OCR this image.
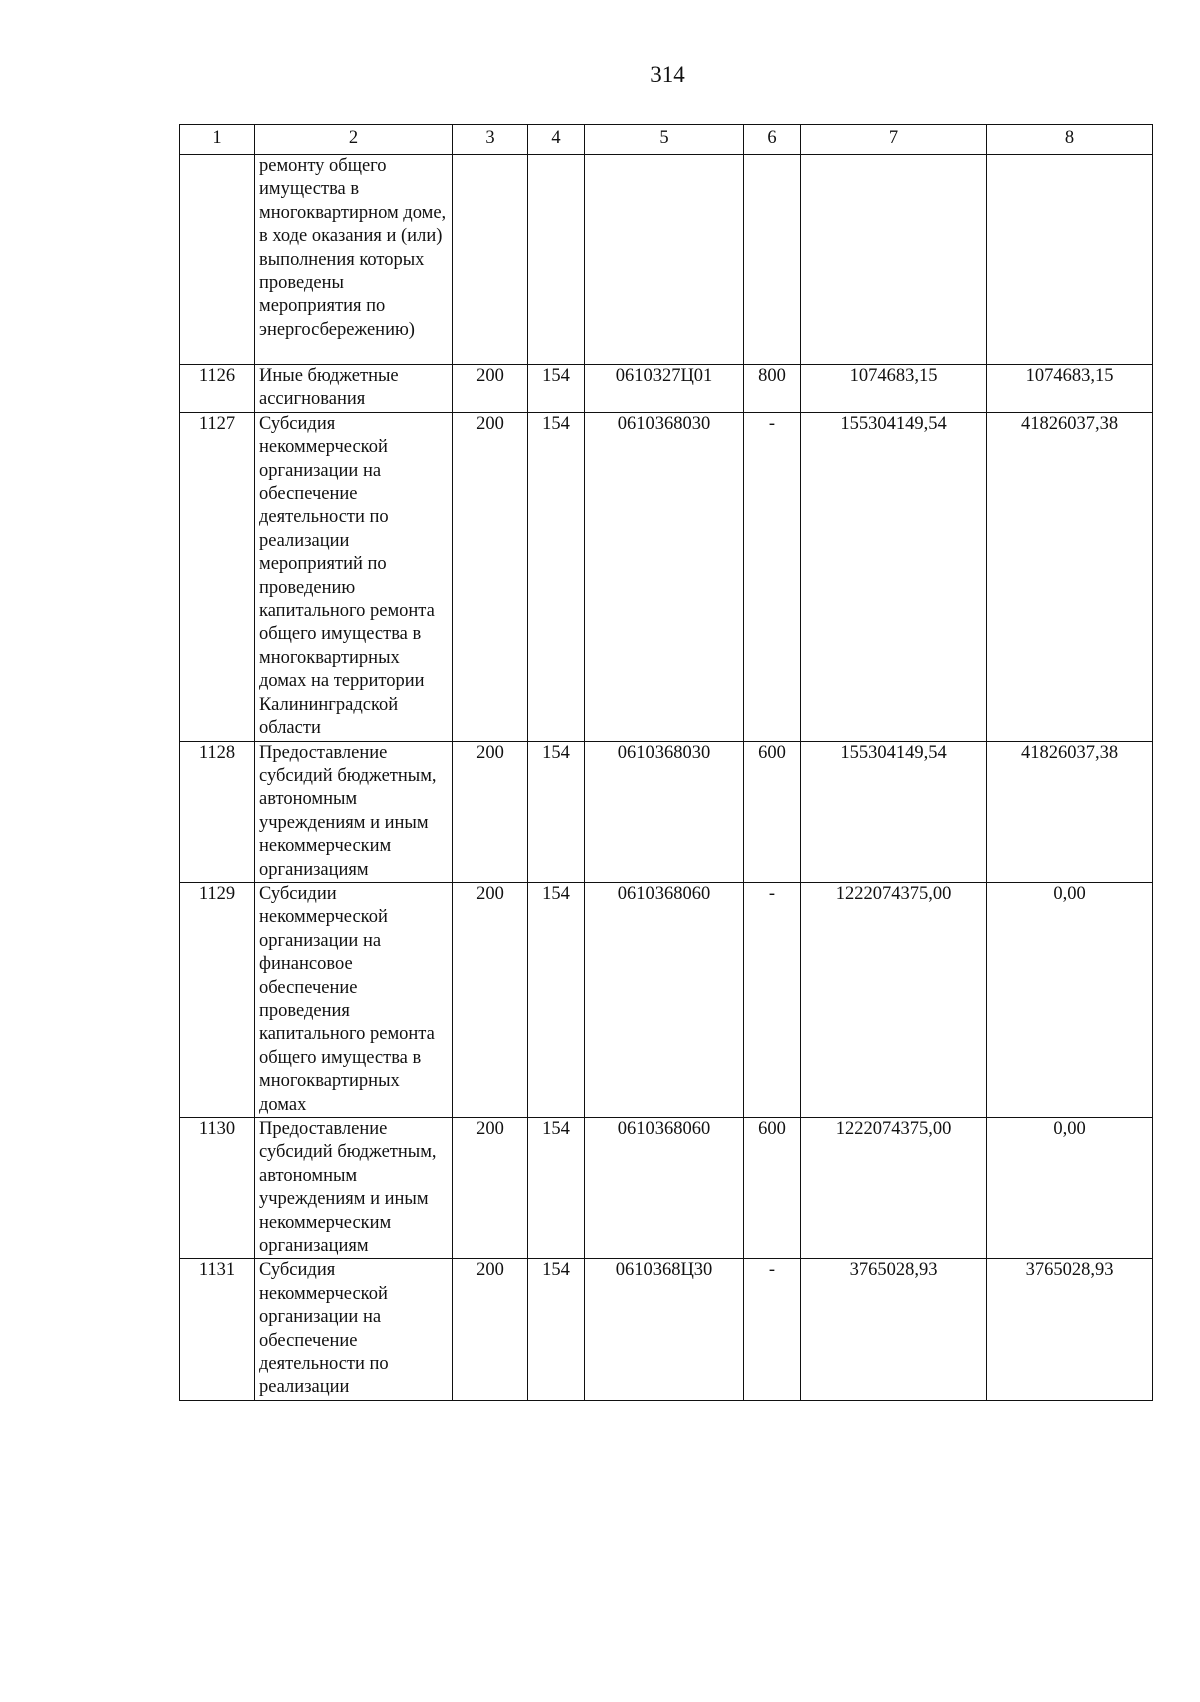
314
1	2	3	4	5	6	7	8
	ремонту общего имущества в многоквартирном доме, в ходе оказания и (или) выполнения которых проведены мероприятия по энергосбережению)						
1126	Иные бюджетные ассигнования	200	154	0610327Ц01	800	1074683,15	1074683,15
1127	Субсидия некоммерческой организации на обеспечение деятельности по реализации мероприятий по проведению капитального ремонта общего имущества в многоквартирных домах на территории Калининградской области	200	154	0610368030	-	155304149,54	41826037,38
1128	Предоставление субсидий бюджетным, автономным учреждениям и иным некоммерческим организациям	200	154	0610368030	600	155304149,54	41826037,38
1129	Субсидии некоммерческой организации на финансовое обеспечение проведения капитального ремонта общего имущества в многоквартирных домах	200	154	0610368060	-	1222074375,00	0,00
1130	Предоставление субсидий бюджетным, автономным учреждениям и иным некоммерческим организациям	200	154	0610368060	600	1222074375,00	0,00
1131	Субсидия некоммерческой организации на обеспечение деятельности по реализации	200	154	0610368Ц30	-	3765028,93	3765028,93
